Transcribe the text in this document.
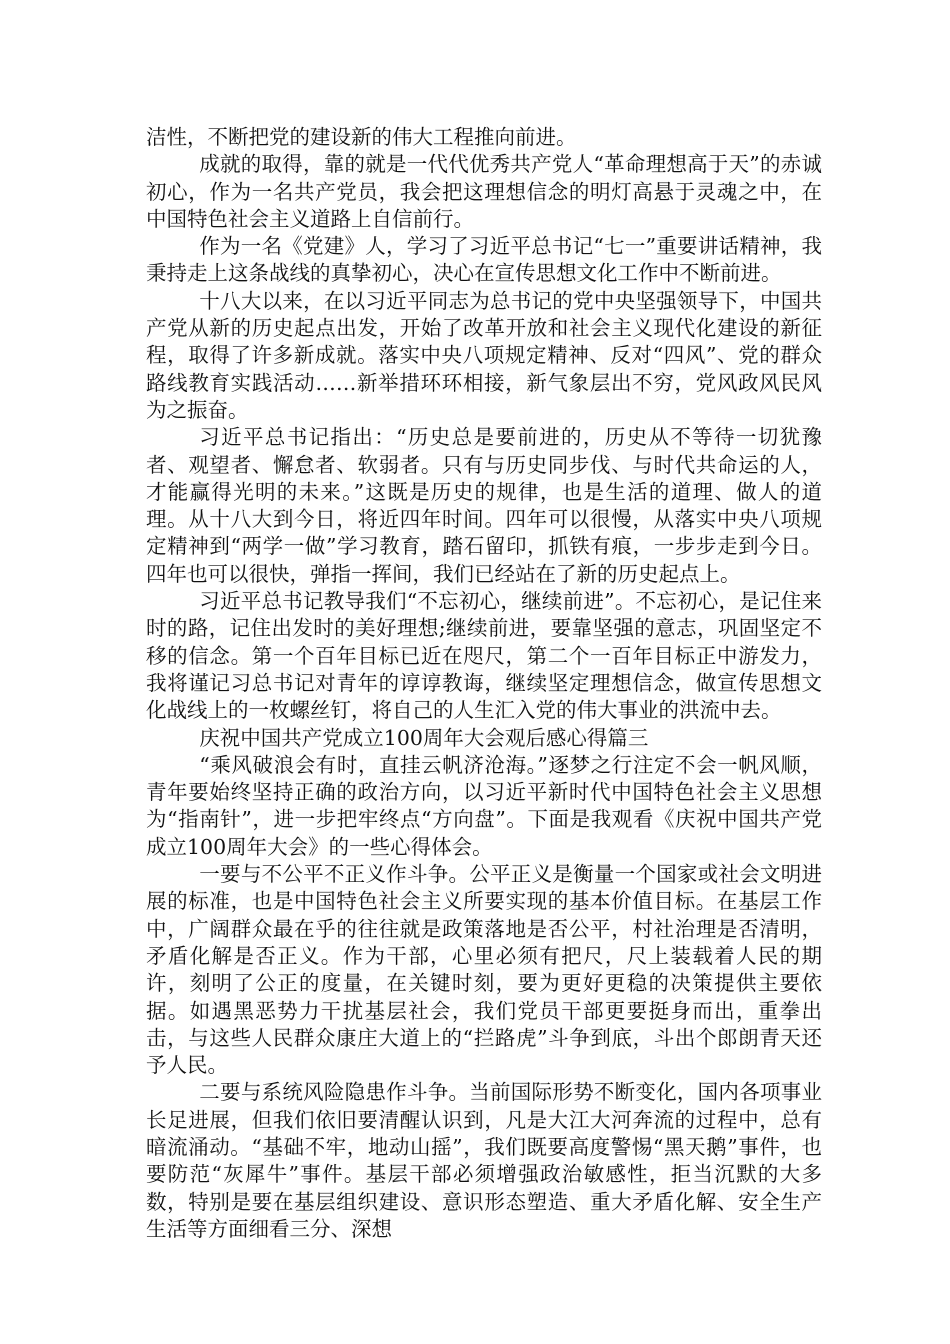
洁性，不断把党的建设新的伟大工程推向前进。

成就的取得，靠的就是一代代优秀共产党人“革命理想高于天”的赤诚初心，作为一名共产党员，我会把这理想信念的明灯高悬于灵魂之中，在中国特色社会主义道路上自信前行。

作为一名《党建》人，学习了习近平总书记“七一”重要讲话精神，我秉持走上这条战线的真挚初心，决心在宣传思想文化工作中不断前进。

十八大以来，在以习近平同志为总书记的党中央坚强领导下，中国共产党从新的历史起点出发，开始了改革开放和社会主义现代化建设的新征程，取得了许多新成就。落实中央八项规定精神、反对“四风”、党的群众路线教育实践活动……新举措环环相接，新气象层出不穷，党风政风民风为之振奋。

习近平总书记指出：“历史总是要前进的，历史从不等待一切犹豫者、观望者、懈怠者、软弱者。只有与历史同步伐、与时代共命运的人，才能赢得光明的未来。”这既是历史的规律，也是生活的道理、做人的道理。从十八大到今日，将近四年时间。四年可以很慢，从落实中央八项规定精神到“两学一做”学习教育，踏石留印，抓铁有痕，一步步走到今日。四年也可以很快，弹指一挥间，我们已经站在了新的历史起点上。

习近平总书记教导我们“不忘初心，继续前进”。不忘初心，是记住来时的路，记住出发时的美好理想;继续前进，要靠坚强的意志，巩固坚定不移的信念。第一个百年目标已近在咫尺，第二个一百年目标正中游发力，我将谨记习总书记对青年的谆谆教诲，继续坚定理想信念，做宣传思想文化战线上的一枚螺丝钉，将自己的人生汇入党的伟大事业的洪流中去。

庆祝中国共产党成立100周年大会观后感心得篇三

“乘风破浪会有时，直挂云帆济沧海。”逐梦之行注定不会一帆风顺，青年要始终坚持正确的政治方向，以习近平新时代中国特色社会主义思想为“指南针”，进一步把牢终点“方向盘”。下面是我观看《庆祝中国共产党成立100周年大会》的一些心得体会。

一要与不公平不正义作斗争。公平正义是衡量一个国家或社会文明进展的标准，也是中国特色社会主义所要实现的基本价值目标。在基层工作中，广阔群众最在乎的往往就是政策落地是否公平，村社治理是否清明，矛盾化解是否正义。作为干部，心里必须有把尺，尺上装载着人民的期许，刻明了公正的度量，在关键时刻，要为更好更稳的决策提供主要依据。如遇黑恶势力干扰基层社会，我们党员干部更要挺身而出，重拳出击，与这些人民群众康庄大道上的“拦路虎”斗争到底，斗出个郎朗青天还予人民。

二要与系统风险隐患作斗争。当前国际形势不断变化，国内各项事业长足进展，但我们依旧要清醒认识到，凡是大江大河奔流的过程中，总有暗流涌动。“基础不牢，地动山摇”，我们既要高度警惕“黑天鹅”事件，也要防范“灰犀牛”事件。基层干部必须增强政治敏感性，拒当沉默的大多数，特别是要在基层组织建设、意识形态塑造、重大矛盾化解、安全生产生活等方面细看三分、深想
